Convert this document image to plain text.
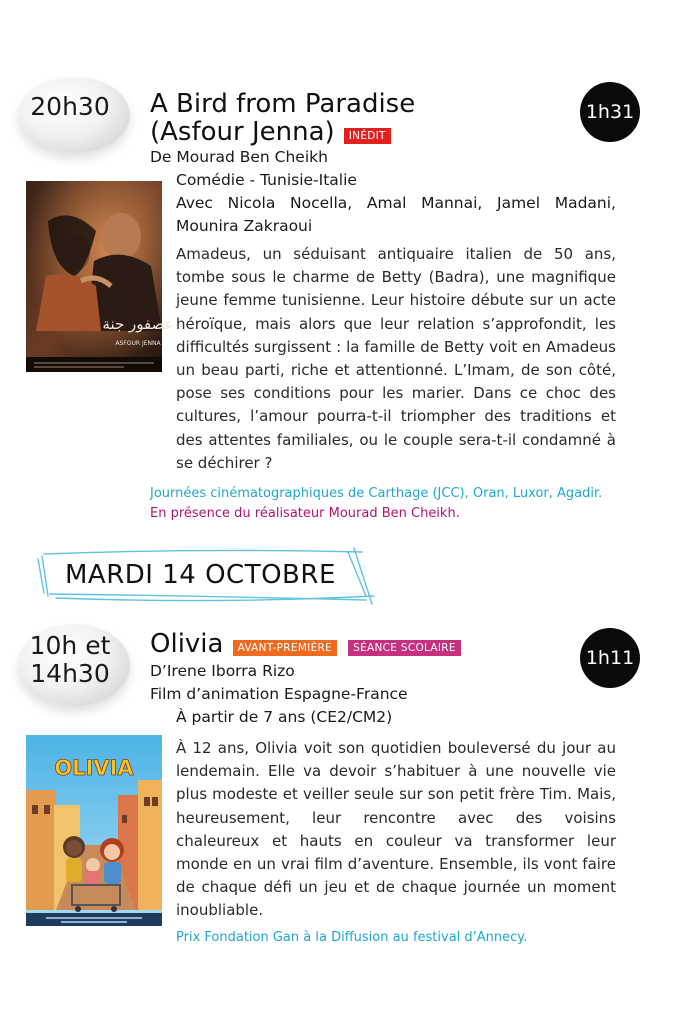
20h30	1h31
A Bird from Paradise
(Asfour Jenna) INÉDIT
De Mourad Ben Cheikh
Comédie - Tunisie-Italie
Avec Nicola Nocella, Amal Mannai, Jamel Madani, Mounira Zakraoui
عصفور جنة
ASFOUR JENNA
Amadeus, un séduisant antiquaire italien de 50 ans, tombe sous le charme de Betty (Badra), une magnifique jeune femme tunisienne. Leur histoire débute sur un acte héroïque, mais alors que leur relation s’approfondit, les difficultés surgissent : la famille de Betty voit en Amadeus un beau parti, riche et attentionné. L’Imam, de son côté, pose ses conditions pour les marier. Dans ce choc des cultures, l’amour pourra-t-il triompher des traditions et des attentes familiales, ou le couple sera-t-il condamné à se déchirer ?
Journées cinématographiques de Carthage (JCC), Oran, Luxor, Agadir.
En présence du réalisateur Mourad Ben Cheikh.
MARDI 14 OCTOBRE
10h et
14h30
1h11
Olivia AVANT-PREMIÈRE SÉANCE SCOLAIRE
D’Irene Iborra Rizo
Film d’animation Espagne-France
À partir de 7 ans (CE2/CM2)
OLIVIA
À 12 ans, Olivia voit son quotidien bouleversé du jour au lendemain. Elle va devoir s’habituer à une nouvelle vie plus modeste et veiller seule sur son petit frère Tim. Mais, heureusement, leur rencontre avec des voisins chaleureux et hauts en couleur va transformer leur monde en un vrai film d’aventure. Ensemble, ils vont faire de chaque défi un jeu et de chaque journée un moment inoubliable.
Prix Fondation Gan à la Diffusion au festival d’Annecy.
